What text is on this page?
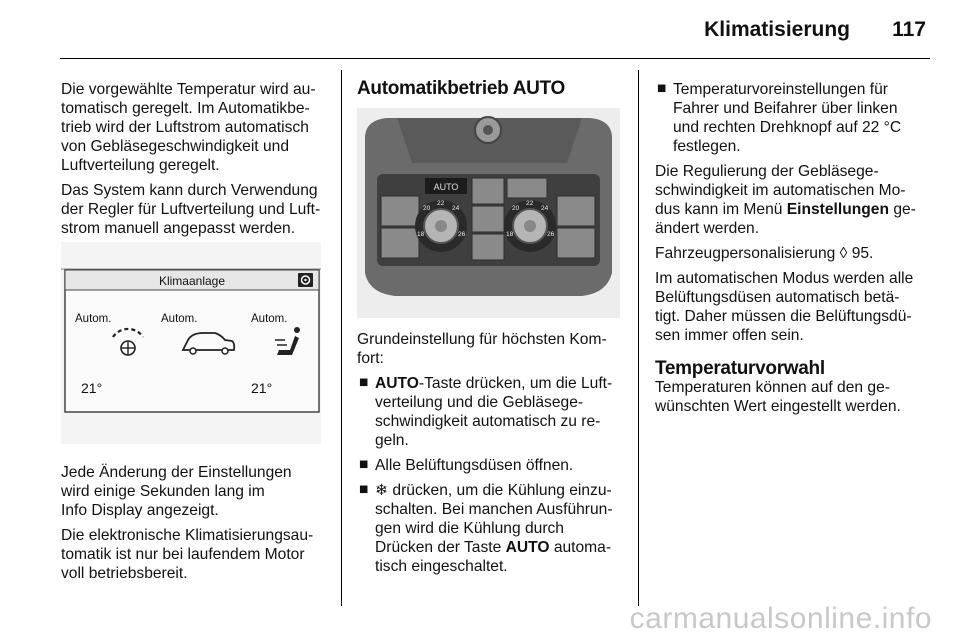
Klimatisierung	117

Die vorgewählte Temperatur wird au-
tomatisch geregelt. Im Automatikbe-
trieb wird der Luftstrom automatisch
von Gebläsegeschwindigkeit und
Luftverteilung geregelt.

Das System kann durch Verwendung
der Regler für Luftverteilung und Luft-
strom manuell angepasst werden.

Klimaanlage
Autom.	Autom.	Autom.
21°	21°

Jede Änderung der Einstellungen
wird einige Sekunden lang im
Info Display angezeigt.

Die elektronische Klimatisierungsau-
tomatik ist nur bei laufendem Motor
voll betriebsbereit.

Automatikbetrieb AUTO
AUTO
18
20
22
24
26	18
20
22
24
26

Grundeinstellung für höchsten Kom-
fort:

■ AUTO-Taste drücken, um die Luft-
verteilung und die Gebläsege-
schwindigkeit automatisch zu re-
geln.
■ Alle Belüftungsdüsen öffnen.
■ ❄ drücken, um die Kühlung einzu-
schalten. Bei manchen Ausführun-
gen wird die Kühlung durch
Drücken der Taste AUTO automa-
tisch eingeschaltet.
■ Temperaturvoreinstellungen für
Fahrer und Beifahrer über linken
und rechten Drehknopf auf 22 °C
festlegen.

Die Regulierung der Gebläsege-
schwindigkeit im automatischen Mo-
dus kann im Menü Einstellungen ge-
ändert werden.

Fahrzeugpersonalisierung ◊ 95.

Im automatischen Modus werden alle
Belüftungsdüsen automatisch betä-
tigt. Daher müssen die Belüftungsdü-
sen immer offen sein.

Temperaturvorwahl

Temperaturen können auf den ge-
wünschten Wert eingestellt werden.

carmanualsonline.info
